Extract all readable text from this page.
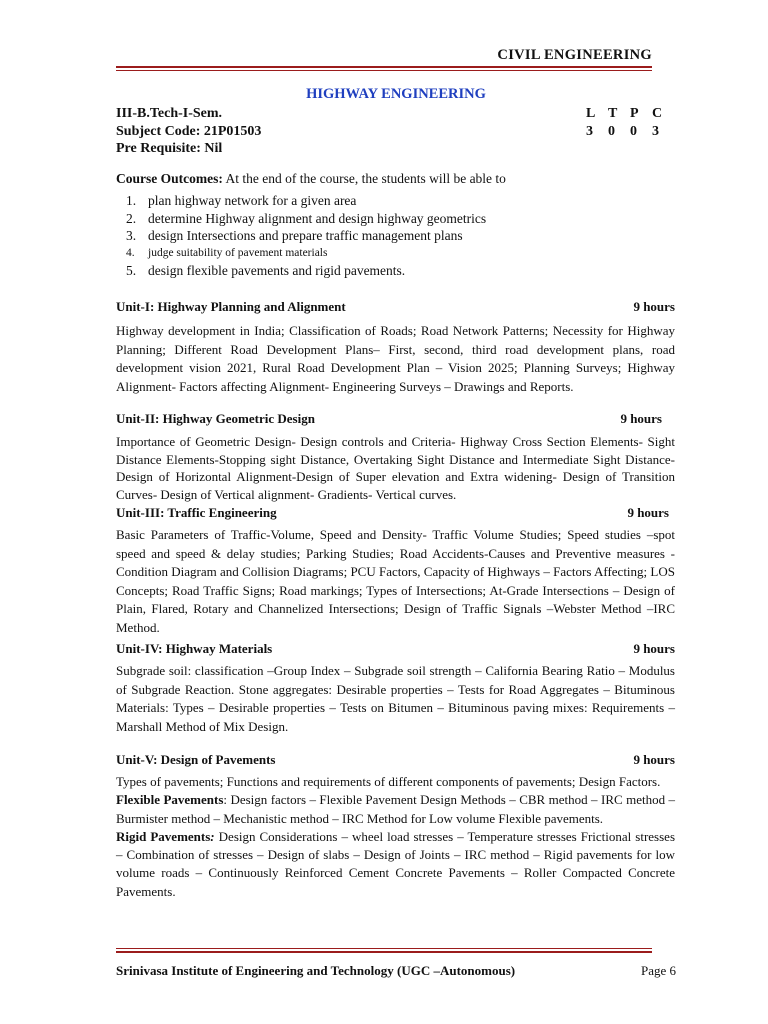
CIVIL ENGINEERING
HIGHWAY ENGINEERING
III-B.Tech-I-Sem.
Subject Code: 21P01503
Pre Requisite: Nil
L T P C
3	0	0	3
Course Outcomes: At the end of the course, the students will be able to
1. plan highway network for a given area
2. determine Highway alignment and design highway geometrics
3. design Intersections and prepare traffic management plans
4.	judge suitability of pavement materials
5. design flexible pavements and rigid pavements.
Unit-I: Highway Planning and Alignment	9 hours
Highway development in India; Classification of Roads; Road Network Patterns; Necessity for Highway Planning; Different Road Development Plans– First, second, third road development plans, road development vision 2021, Rural Road Development Plan – Vision 2025; Planning Surveys; Highway Alignment- Factors affecting Alignment- Engineering Surveys – Drawings and Reports.
Unit-II: Highway Geometric Design	9 hours
Importance of Geometric Design- Design controls and Criteria- Highway Cross Section Elements- Sight Distance Elements-Stopping sight Distance, Overtaking Sight Distance and Intermediate Sight Distance- Design of Horizontal Alignment-Design of Super elevation and Extra widening- Design of Transition Curves- Design of Vertical alignment- Gradients- Vertical curves.
Unit-III: Traffic Engineering	9 hours
Basic Parameters of Traffic-Volume, Speed and Density- Traffic Volume Studies; Speed studies –spot speed and speed & delay studies; Parking Studies; Road Accidents-Causes and Preventive measures - Condition Diagram and Collision Diagrams; PCU Factors, Capacity of Highways – Factors Affecting; LOS Concepts; Road Traffic Signs; Road markings; Types of Intersections; At-Grade Intersections – Design of Plain, Flared, Rotary and Channelized Intersections; Design of Traffic Signals –Webster Method –IRC Method.
Unit-IV: Highway Materials	9 hours
Subgrade soil: classification –Group Index – Subgrade soil strength – California Bearing Ratio – Modulus of Subgrade Reaction. Stone aggregates: Desirable properties – Tests for Road Aggregates – Bituminous Materials: Types – Desirable properties – Tests on Bitumen – Bituminous paving mixes: Requirements – Marshall Method of Mix Design.
Unit-V: Design of Pavements	9 hours

Types of pavements; Functions and requirements of different components of pavements; Design Factors.

Flexible Pavements: Design factors – Flexible Pavement Design Methods – CBR method – IRC method – Burmister method – Mechanistic method – IRC Method for Low volume Flexible pavements.

Rigid Pavements: Design Considerations – wheel load stresses – Temperature stresses Frictional stresses – Combination of stresses – Design of slabs – Design of Joints – IRC method – Rigid pavements for low volume roads – Continuously Reinforced Cement Concrete Pavements – Roller Compacted Concrete Pavements.

Srinivasa Institute of Engineering and Technology (UGC –Autonomous)	Page 6
